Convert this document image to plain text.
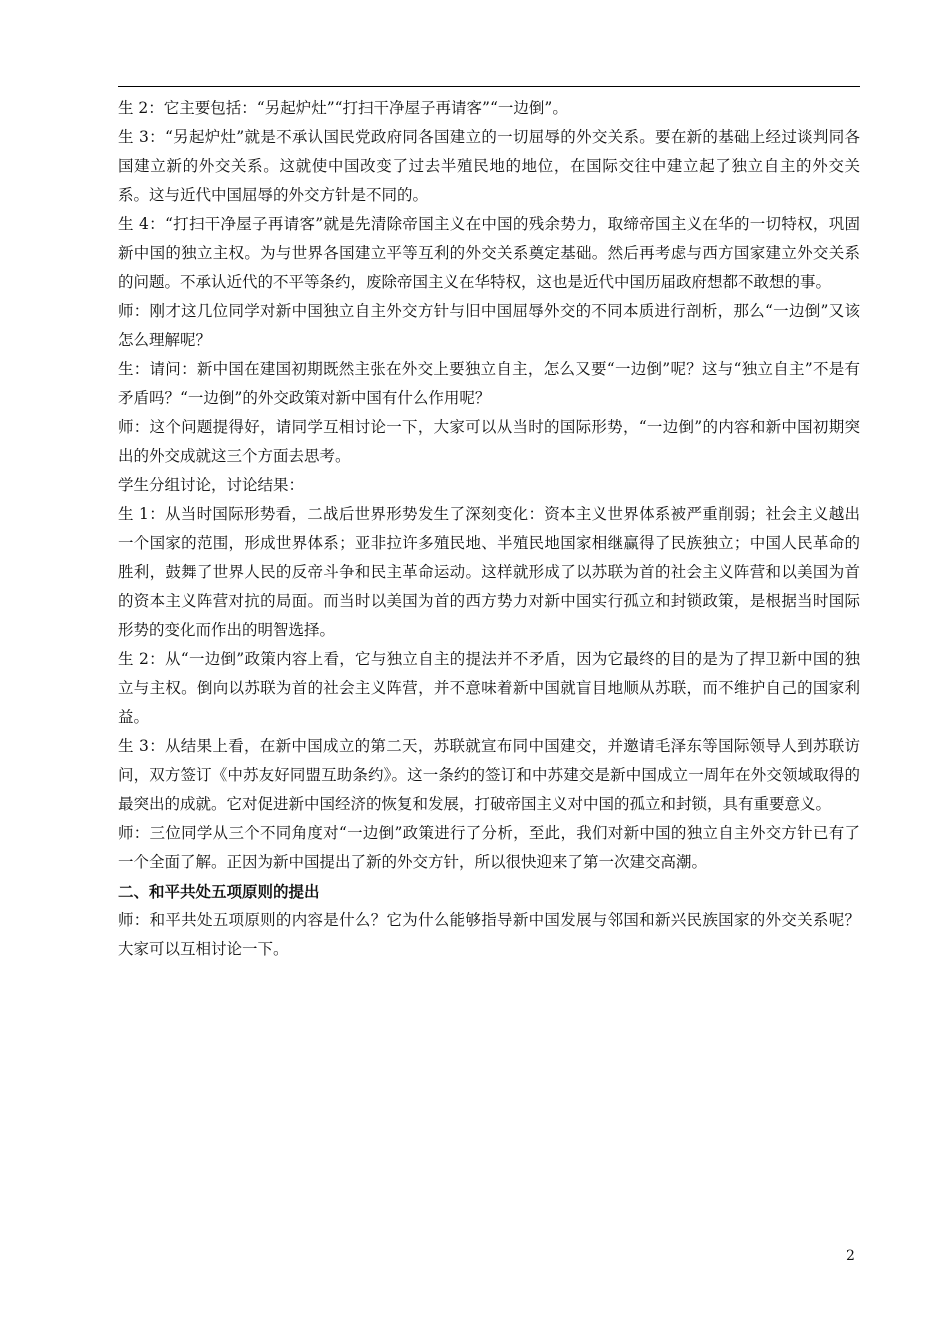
生 2：它主要包括：“另起炉灶”“打扫干净屋子再请客”“一边倒”。

生 3：“另起炉灶”就是不承认国民党政府同各国建立的一切屈辱的外交关系。要在新的基础上经过谈判同各国建立新的外交关系。这就使中国改变了过去半殖民地的地位，在国际交往中建立起了独立自主的外交关系。这与近代中国屈辱的外交方针是不同的。

生 4：“打扫干净屋子再请客”就是先清除帝国主义在中国的残余势力，取缔帝国主义在华的一切特权，巩固新中国的独立主权。为与世界各国建立平等互利的外交关系奠定基础。然后再考虑与西方国家建立外交关系的问题。不承认近代的不平等条约，废除帝国主义在华特权，这也是近代中国历届政府想都不敢想的事。

师：刚才这几位同学对新中国独立自主外交方针与旧中国屈辱外交的不同本质进行剖析，那么“一边倒”又该怎么理解呢？

生：请问：新中国在建国初期既然主张在外交上要独立自主，怎么又要“一边倒”呢？这与“独立自主”不是有矛盾吗？“一边倒”的外交政策对新中国有什么作用呢？

师：这个问题提得好，请同学互相讨论一下，大家可以从当时的国际形势，“一边倒”的内容和新中国初期突出的外交成就这三个方面去思考。

学生分组讨论，讨论结果：

生 1：从当时国际形势看，二战后世界形势发生了深刻变化：资本主义世界体系被严重削弱；社会主义越出一个国家的范围，形成世界体系；亚非拉许多殖民地、半殖民地国家相继赢得了民族独立；中国人民革命的胜利，鼓舞了世界人民的反帝斗争和民主革命运动。这样就形成了以苏联为首的社会主义阵营和以美国为首的资本主义阵营对抗的局面。而当时以美国为首的西方势力对新中国实行孤立和封锁政策，是根据当时国际形势的变化而作出的明智选择。

生 2：从“一边倒”政策内容上看，它与独立自主的提法并不矛盾，因为它最终的目的是为了捍卫新中国的独立与主权。倒向以苏联为首的社会主义阵营，并不意味着新中国就盲目地顺从苏联，而不维护自己的国家利益。

生 3：从结果上看，在新中国成立的第二天，苏联就宣布同中国建交，并邀请毛泽东等国际领导人到苏联访问，双方签订《中苏友好同盟互助条约》。这一条约的签订和中苏建交是新中国成立一周年在外交领域取得的最突出的成就。它对促进新中国经济的恢复和发展，打破帝国主义对中国的孤立和封锁，具有重要意义。

师：三位同学从三个不同角度对“一边倒”政策进行了分析，至此，我们对新中国的独立自主外交方针已有了一个全面了解。正因为新中国提出了新的外交方针，所以很快迎来了第一次建交高潮。

二、和平共处五项原则的提出

师：和平共处五项原则的内容是什么？它为什么能够指导新中国发展与邻国和新兴民族国家的外交关系呢？大家可以互相讨论一下。

2
